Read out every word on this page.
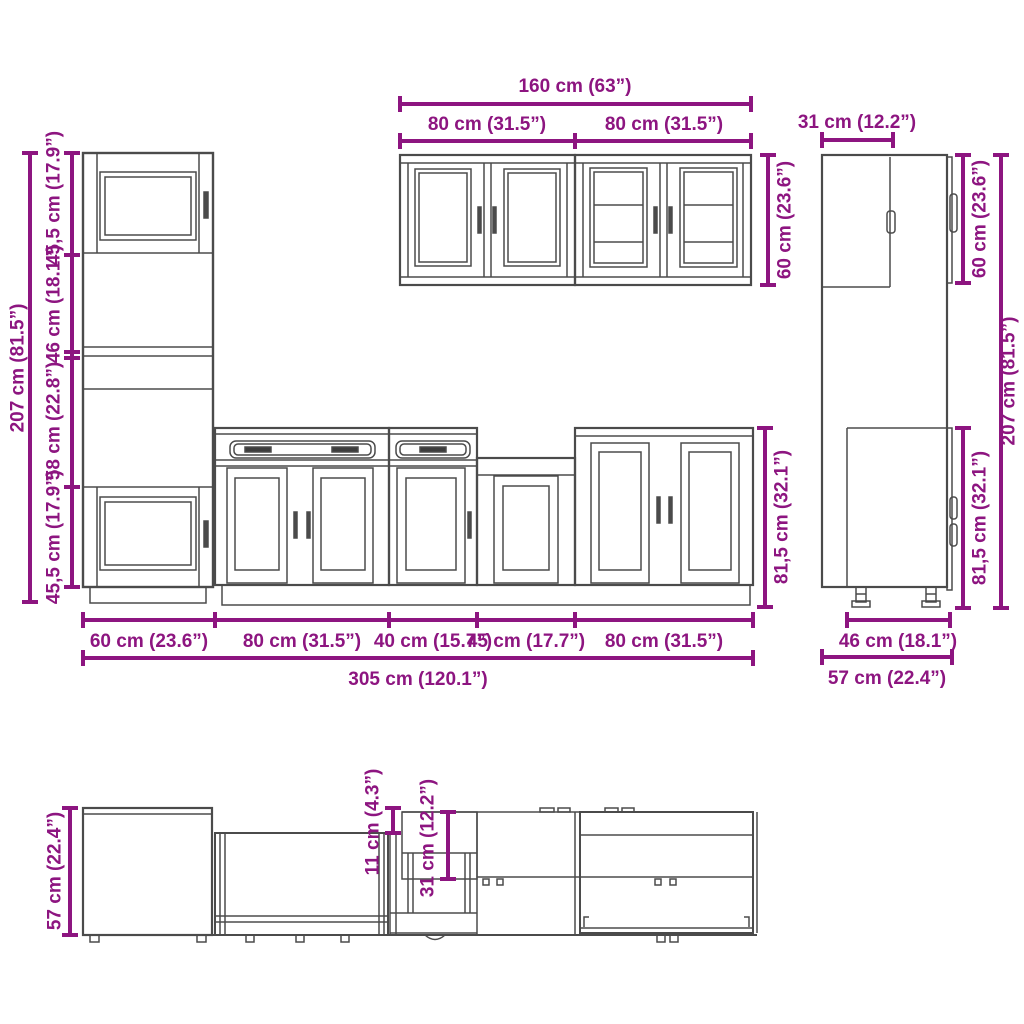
207 cm (81.5”)
45,5 cm (17.9”)
46 cm (18.1”)
58 cm (22.8”)
45,5 cm (17.9”)
160 cm (63”)
80 cm (31.5”)	80 cm (31.5”)
60 cm (23.6”)
31 cm (12.2”)
60 cm (23.6”)
81,5 cm (32.1”)
207 cm (81.5”)
46 cm (18.1”)
57 cm (22.4”)
60 cm (23.6”) 80 cm (31.5”) 40 cm (15.7”)
45 cm (17.7”) 80 cm (31.5”)
305 cm (120.1”)
81,5 cm (32.1”)
57 cm (22.4”)	11 cm (4.3”) 31 cm (12.2”)
